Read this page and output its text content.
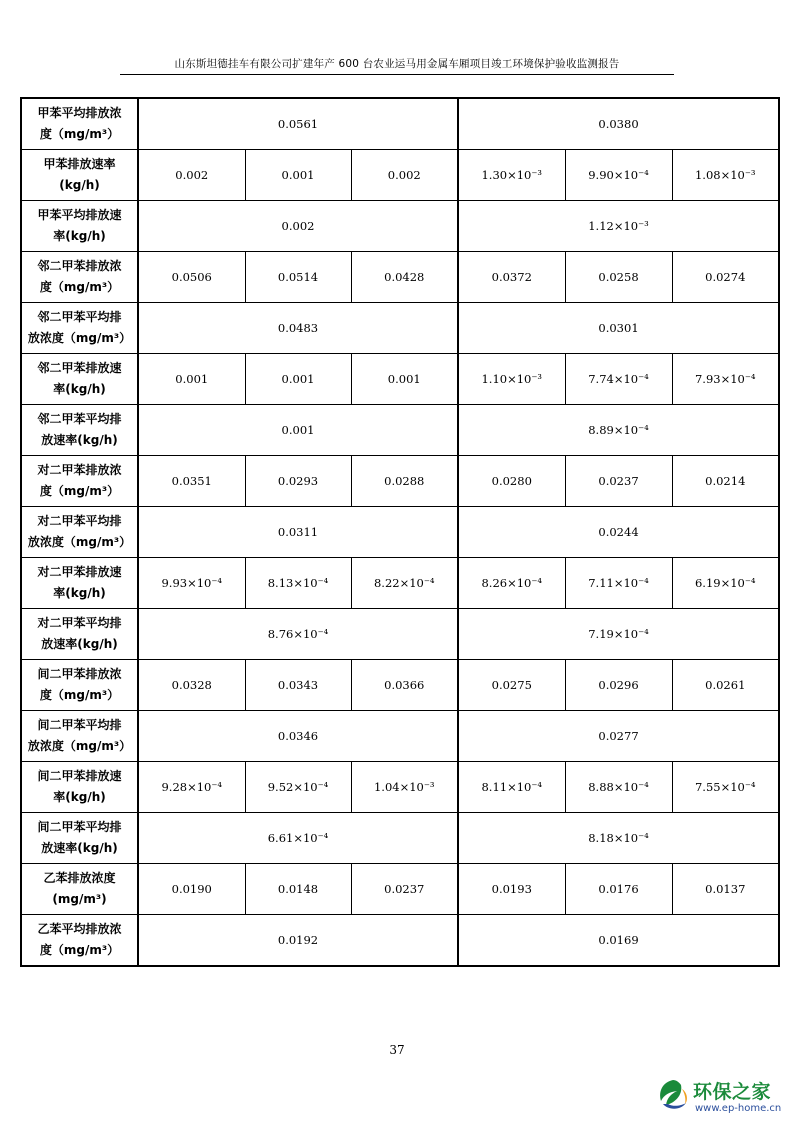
山东斯坦德挂车有限公司扩建年产 600 台农业运马用金属车厢项目竣工环境保护验收监测报告
甲苯平均排放浓
度（mg/m³）	0.0561			0.0380		

甲苯排放速率
(kg/h)	0.002	0.001	0.002	1.30×10⁻³	9.90×10⁻⁴	1.08×10⁻³

甲苯平均排放速
率(kg/h)	0.002			1.12×10⁻³		

邻二甲苯排放浓
度（mg/m³）	0.0506	0.0514	0.0428	0.0372	0.0258	0.0274

邻二甲苯平均排
放浓度（mg/m³）	0.0483			0.0301		

邻二甲苯排放速
率(kg/h)	0.001	0.001	0.001	1.10×10⁻³	7.74×10⁻⁴	7.93×10⁻⁴

邻二甲苯平均排
放速率(kg/h)	0.001			8.89×10⁻⁴		

对二甲苯排放浓
度（mg/m³）	0.0351	0.0293	0.0288	0.0280	0.0237	0.0214

对二甲苯平均排
放浓度（mg/m³）	0.0311			0.0244		

对二甲苯排放速
率(kg/h)	9.93×10⁻⁴	8.13×10⁻⁴	8.22×10⁻⁴	8.26×10⁻⁴	7.11×10⁻⁴	6.19×10⁻⁴

对二甲苯平均排
放速率(kg/h)	8.76×10⁻⁴			7.19×10⁻⁴		

间二甲苯排放浓
度（mg/m³）	0.0328	0.0343	0.0366	0.0275	0.0296	0.0261

间二甲苯平均排
放浓度（mg/m³）	0.0346			0.0277		

间二甲苯排放速
率(kg/h)	9.28×10⁻⁴	9.52×10⁻⁴	1.04×10⁻³	8.11×10⁻⁴	8.88×10⁻⁴	7.55×10⁻⁴

间二甲苯平均排
放速率(kg/h)	6.61×10⁻⁴			8.18×10⁻⁴		

乙苯排放浓度
(mg/m³)	0.0190	0.0148	0.0237	0.0193	0.0176	0.0137

乙苯平均排放浓
度（mg/m³）	0.0192			0.0169		
37
环保之家
www.ep-home.cn
